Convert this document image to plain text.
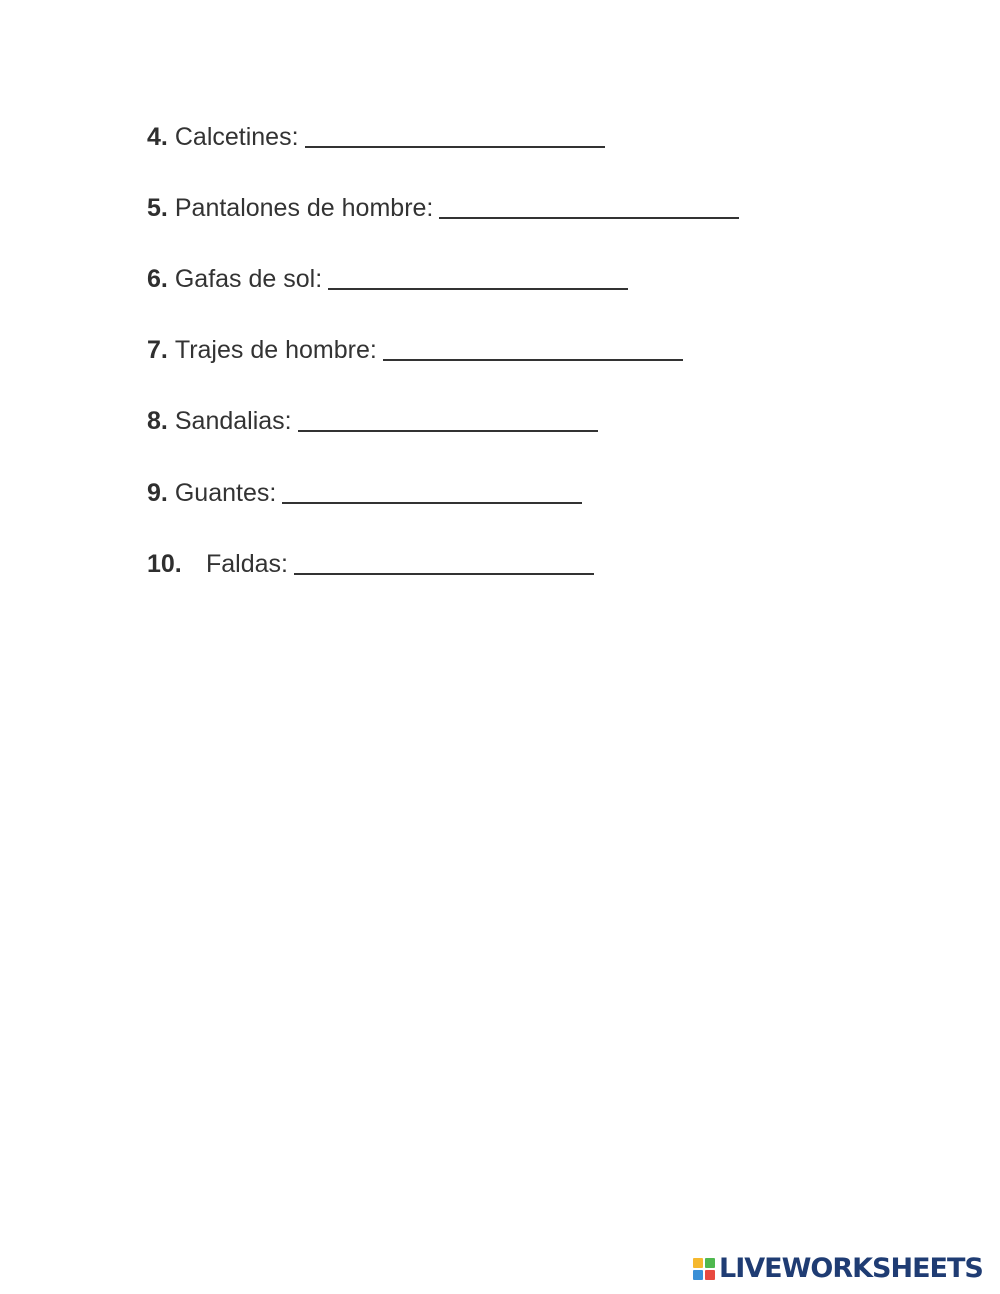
4. Calcetines:
5. Pantalones de hombre:
6. Gafas de sol:
7. Trajes de hombre:
8. Sandalias:
9. Guantes:
10. Faldas:
LIVEWORKSHEETS
